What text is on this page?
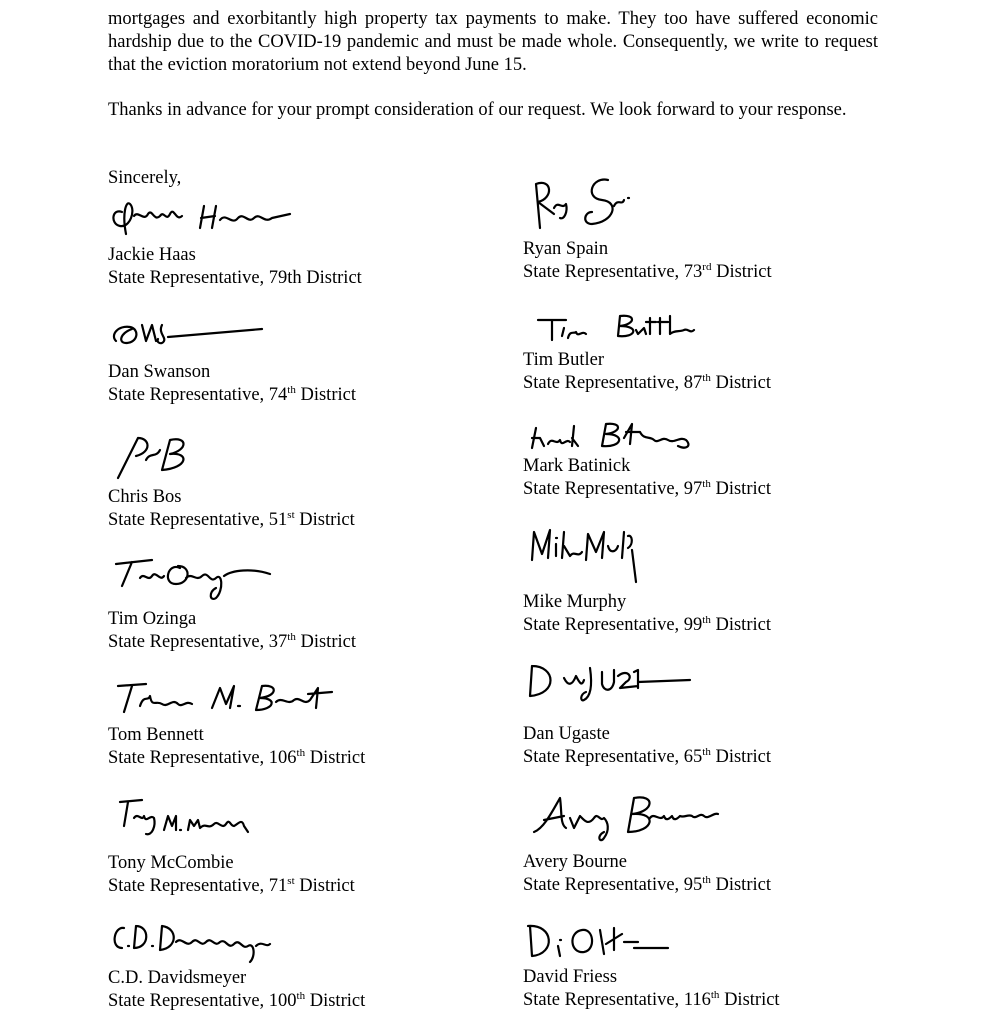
mortgages and exorbitantly high property tax payments to make. They too have suffered economic hardship due to the COVID-19 pandemic and must be made whole. Consequently, we write to request that the eviction moratorium not extend beyond June 15.

Thanks in advance for your prompt consideration of our request. We look forward to your response.

Sincerely,
Jackie Haas
State Representative, 79th District
Dan Swanson
State Representative, 74th District
Chris Bos
State Representative, 51st District
Tim Ozinga
State Representative, 37th District
Tom Bennett
State Representative, 106th District
Tony McCombie
State Representative, 71st District
C.D. Davidsmeyer
State Representative, 100th District
Ryan Spain
State Representative, 73rd District
Tim Butler
State Representative, 87th District
Mark Batinick
State Representative, 97th District
Mike Murphy
State Representative, 99th District
Dan Ugaste
State Representative, 65th District
Avery Bourne
State Representative, 95th District
David Friess
State Representative, 116th District
